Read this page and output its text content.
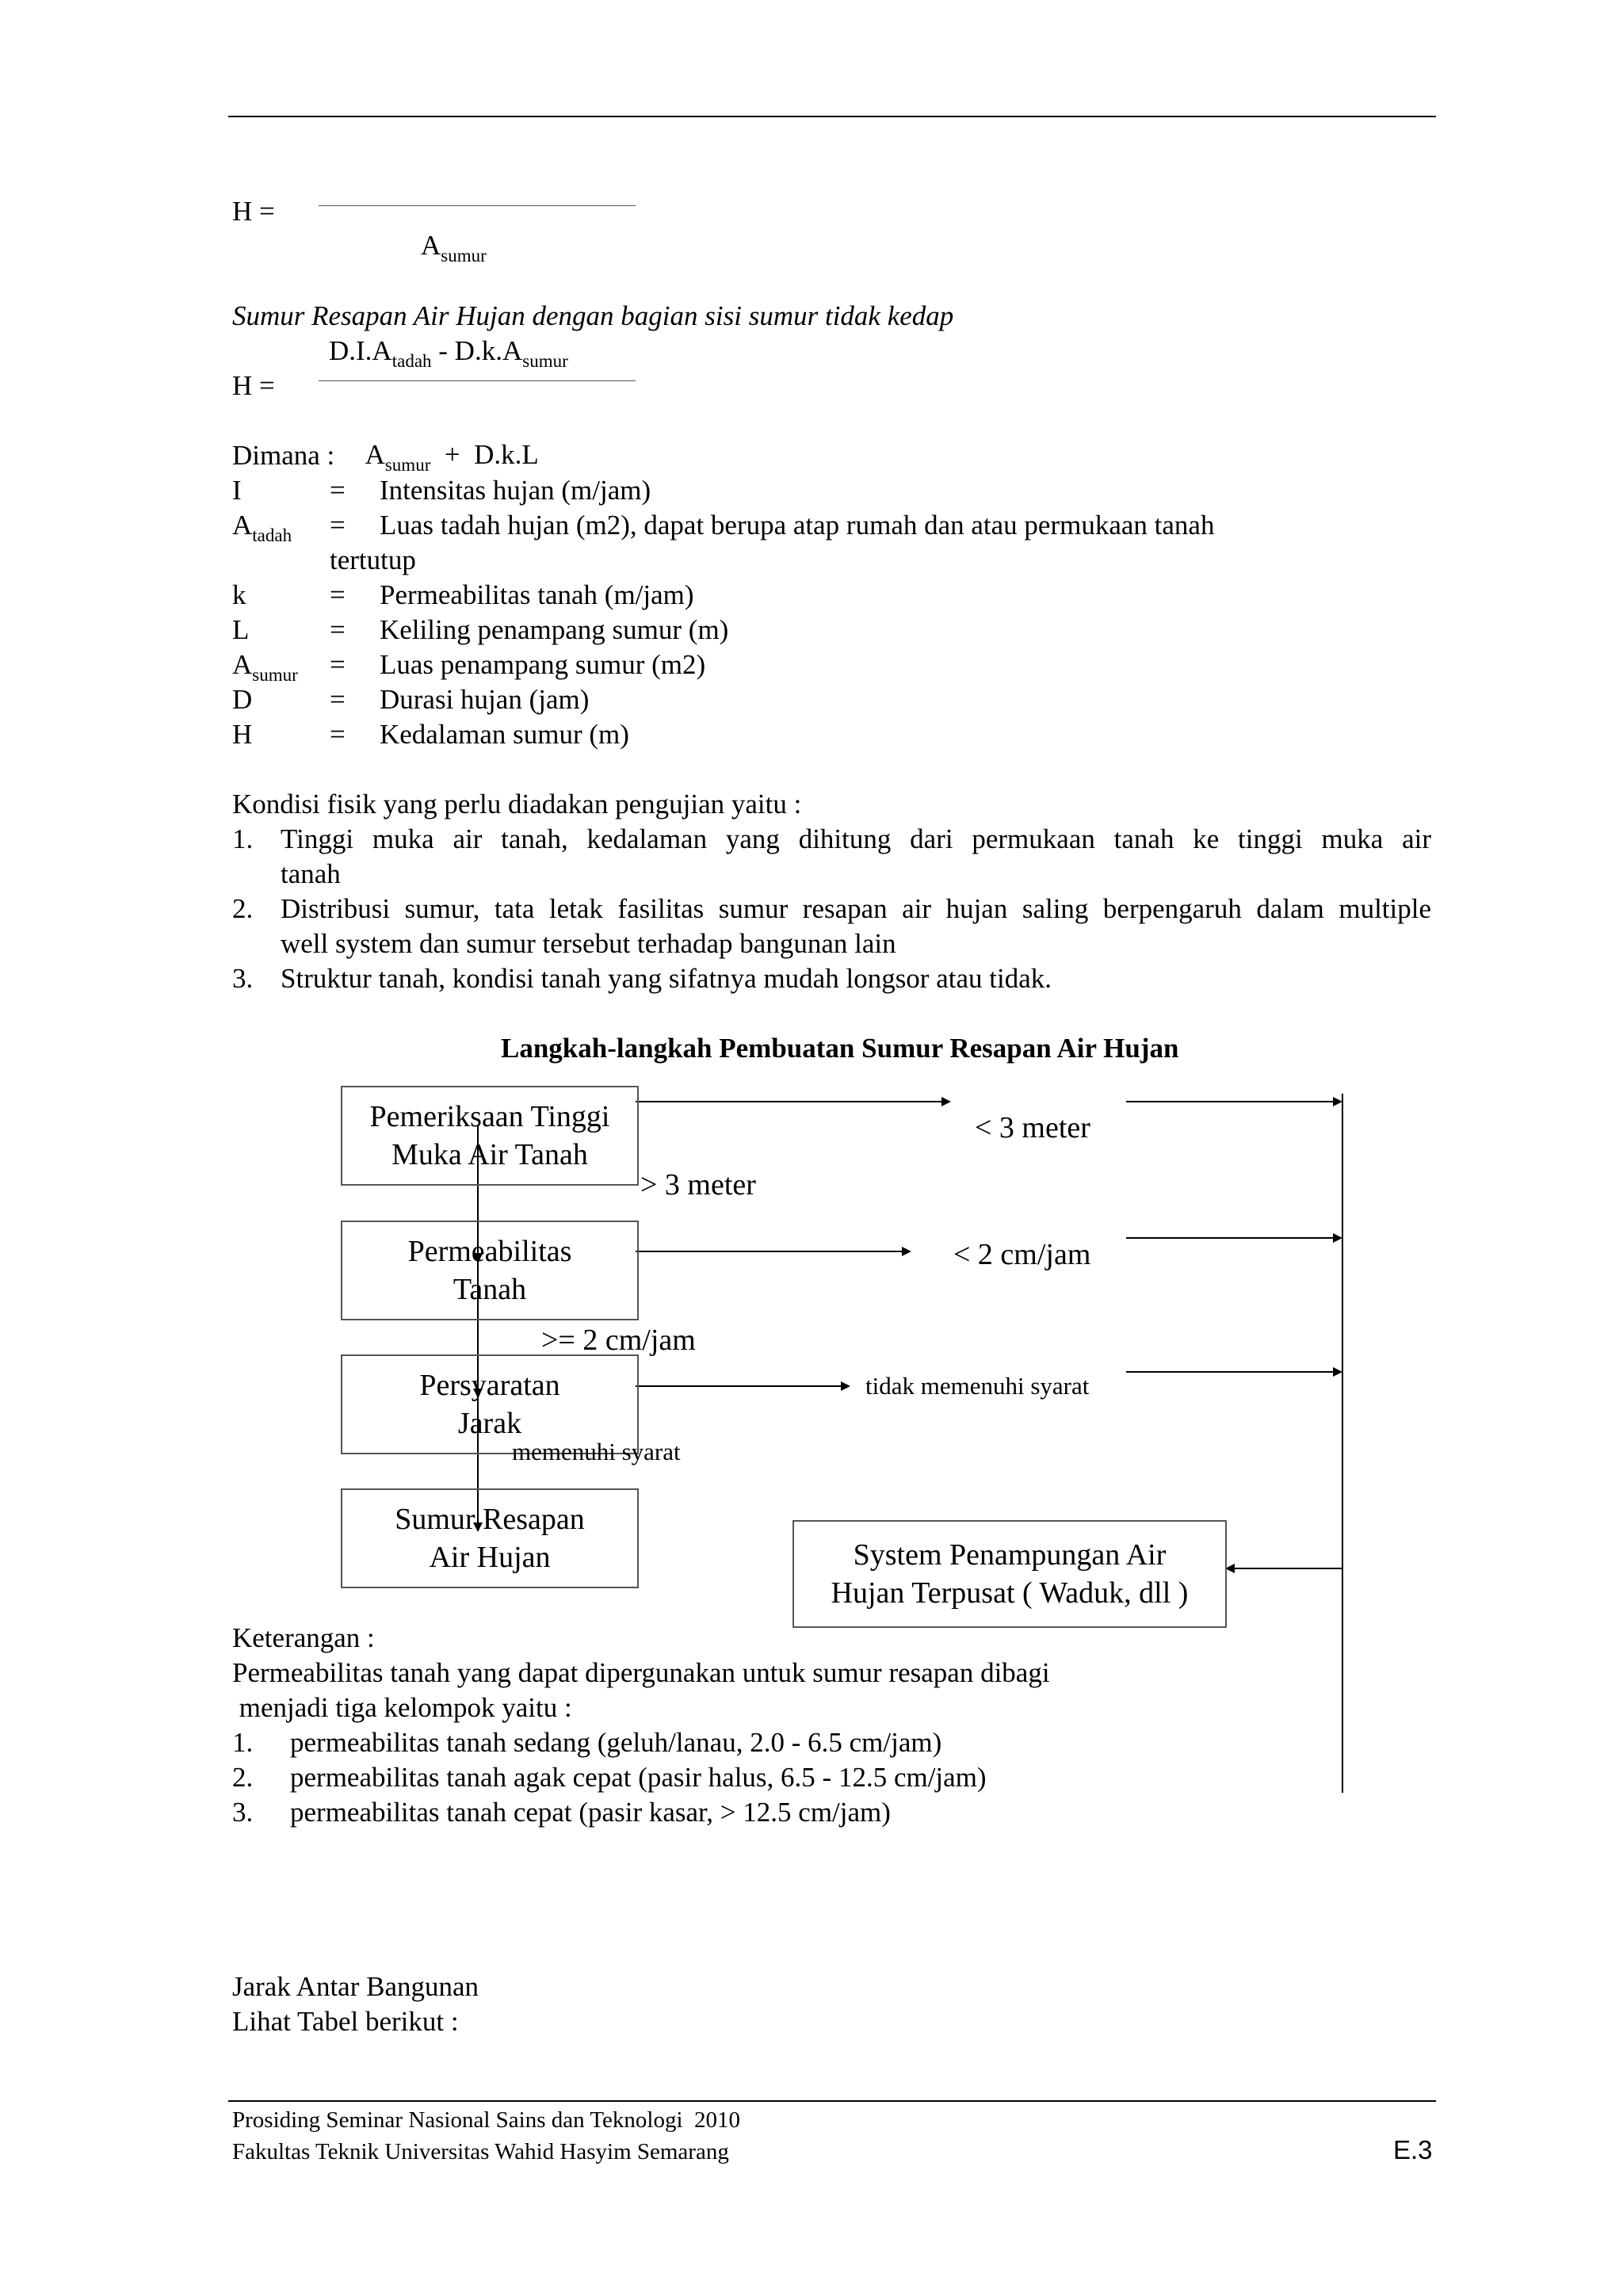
H =
$A_{sumur}$
Sumur Resapan Air Hujan dengan bagian sisi sumur tidak kedap
$D.I.A_{tadah} - D.k.A_{sumur}$
H =

$A_{sumur} + D.k.L$

Dimana :
I	= Intensitas hujan (m/jam)
$A_{tadah}$ = Luas tadah hujan (m2), dapat berupa atap rumah dan atau permukaan tanah
tertutup
k	= Permeabilitas tanah (m/jam)
L	= Keliling penampang sumur (m)
$A_{sumur}$ = Luas penampang sumur (m2)
D	= Durasi hujan (jam)
H	= Kedalaman sumur (m)
Kondisi fisik yang perlu diadakan pengujian yaitu :
1. Tinggi muka air tanah, kedalaman yang dihitung dari permukaan tanah ke tinggi muka air
tanah
2. Distribusi sumur, tata letak fasilitas sumur resapan air hujan saling berpengaruh dalam multiple
well system dan sumur tersebut terhadap bangunan lain
3. Struktur tanah, kondisi tanah yang sifatnya mudah longsor atau tidak.
Langkah-langkah Pembuatan Sumur Resapan Air Hujan
Pemeriksaan Tinggi
Muka Air Tanah
Permeabilitas
Tanah
Persyaratan
Jarak
Sumur Resapan
Air Hujan	System Penampungan Air
Hujan Terpusat ( Waduk, dll )
< 3 meter
> 3 meter
< 2 cm/jam
>= 2 cm/jam
tidak memenuhi syarat
memenuhi syarat
Keterangan :
Permeabilitas tanah yang dapat dipergunakan untuk sumur resapan dibagi
menjadi tiga kelompok yaitu :
1. permeabilitas tanah sedang (geluh/lanau, 2.0 - 6.5 cm/jam)
2. permeabilitas tanah agak cepat (pasir halus, 6.5 - 12.5 cm/jam)
3. permeabilitas tanah cepat (pasir kasar, > 12.5 cm/jam)
Jarak Antar Bangunan
Lihat Tabel berikut :
Prosiding Seminar Nasional Sains dan Teknologi  2010
Fakultas Teknik Universitas Wahid Hasyim Semarang	E.3
